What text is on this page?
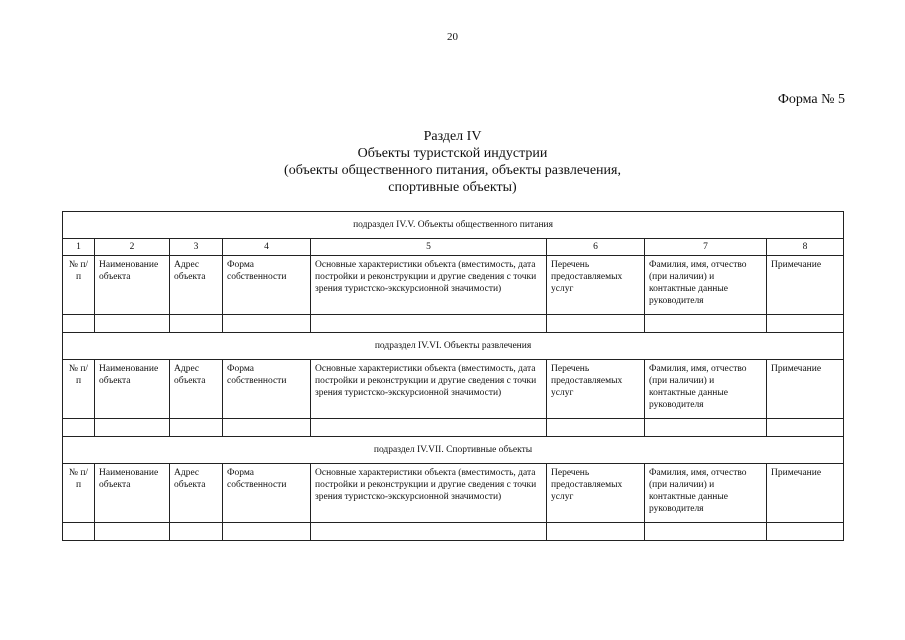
20
Форма № 5
Раздел IV
Объекты туристской индустрии
(объекты общественного питания, объекты развлечения,
спортивные объекты)
подраздел IV.V. Объекты общественного питания							
1	2	3	4	5	6	7	8
№ п/п	Наименование объекта	Адрес объекта	Форма собственности	Основные характеристики объекта (вместимость, дата постройки и реконструкции и другие сведения с точки зрения туристско-экскурсионной значимости)	Перечень предоставляемых услуг	Фамилия, имя, отчество (при наличии) и контактные данные руководителя	Примечание

подраздел IV.VI. Объекты развлечения							
№ п/п	Наименование объекта	Адрес объекта	Форма собственности	Основные характеристики объекта (вместимость, дата постройки и реконструкции и другие сведения с точки зрения туристско-экскурсионной значимости)	Перечень предоставляемых услуг	Фамилия, имя, отчество (при наличии) и контактные данные руководителя	Примечание

подраздел IV.VII. Спортивные объекты							
№ п/п	Наименование объекта	Адрес объекта	Форма собственности	Основные характеристики объекта (вместимость, дата постройки и реконструкции и другие сведения с точки зрения туристско-экскурсионной значимости)	Перечень предоставляемых услуг	Фамилия, имя, отчество (при наличии) и контактные данные руководителя	Примечание
